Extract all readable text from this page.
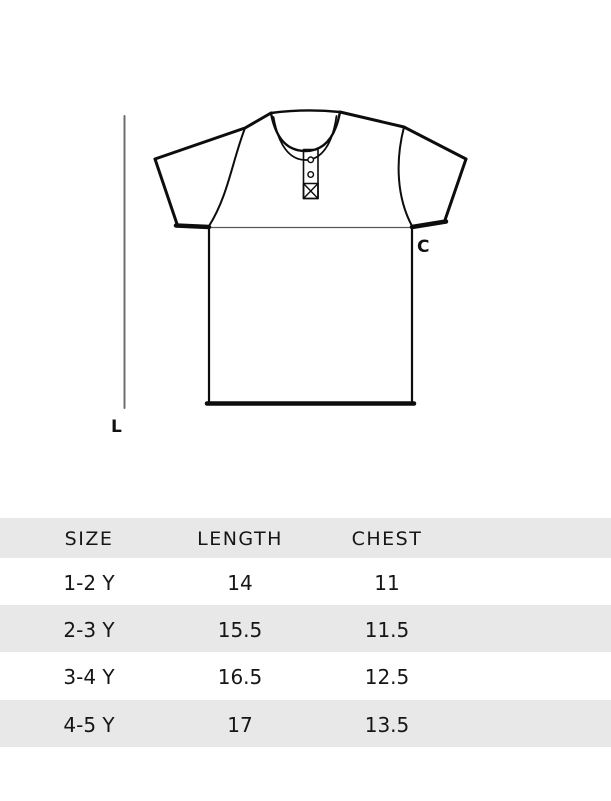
L
C
SIZE	LENGTH	CHEST
1-2 Y	14	11
2-3 Y	15.5	11.5
3-4 Y	16.5	12.5
4-5 Y	17	13.5
